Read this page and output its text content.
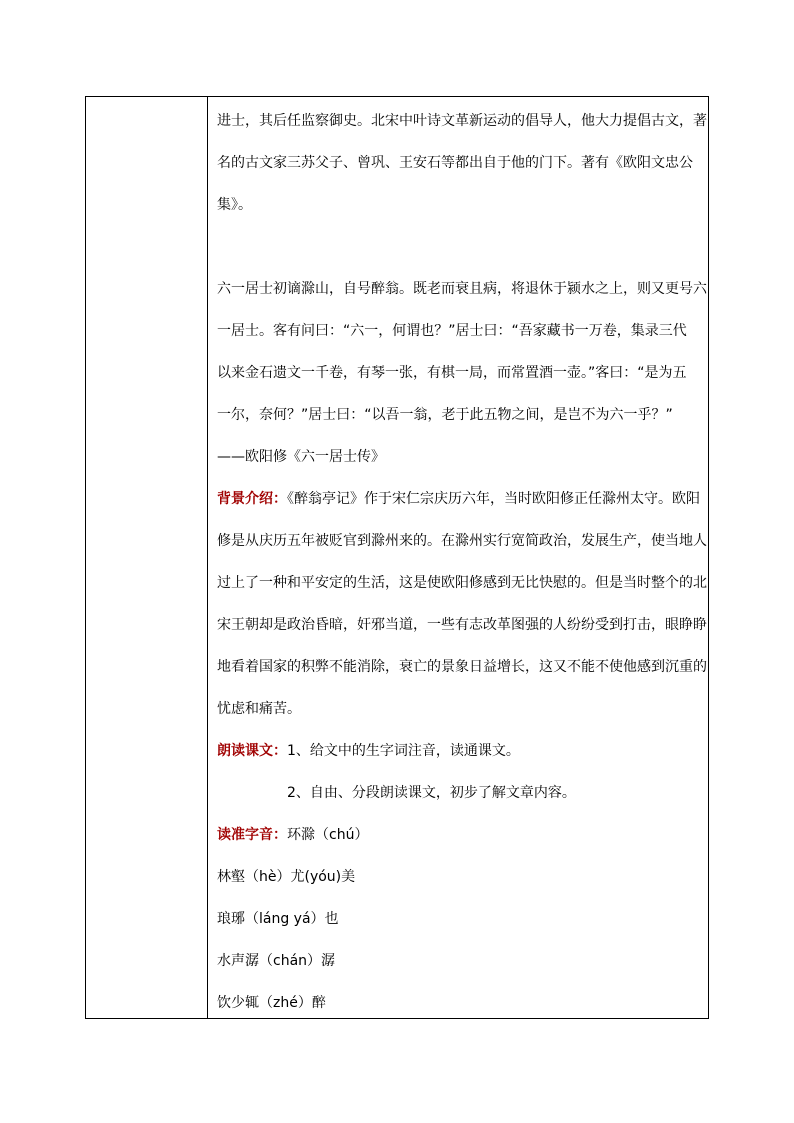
进士，其后任监察御史。北宋中叶诗文革新运动的倡导人，他大力提倡古文，著
名的古文家三苏父子、曾巩、王安石等都出自于他的门下。著有《欧阳文忠公
集》。
六一居士初谪滁山，自号醉翁。既老而衰且病，将退休于颍水之上，则又更号六
一居士。客有问曰：“六一，何谓也？”居士曰：“吾家藏书一万卷，集录三代
以来金石遗文一千卷，有琴一张，有棋一局，而常置酒一壶。”客曰：“是为五
一尔，奈何？”居士曰：“以吾一翁，老于此五物之间，是岂不为六一乎？”
——欧阳修《六一居士传》
背景介绍：《醉翁亭记》作于宋仁宗庆历六年，当时欧阳修正任滁州太守。欧阳
修是从庆历五年被贬官到滁州来的。在滁州实行宽简政治，发展生产，使当地人
过上了一种和平安定的生活，这是使欧阳修感到无比快慰的。但是当时整个的北
宋王朝却是政治昏暗，奸邪当道，一些有志改革图强的人纷纷受到打击，眼睁睁
地看着国家的积弊不能消除，衰亡的景象日益增长，这又不能不使他感到沉重的
忧虑和痛苦。
朗读课文：1、给文中的生字词注音，读通课文。
2、自由、分段朗读课文，初步了解文章内容。
读准字音：环滁（chú）
林壑（hè）尤(yóu)美
琅琊（láng yá）也
水声潺（chán）潺
饮少辄（zhé）醉
